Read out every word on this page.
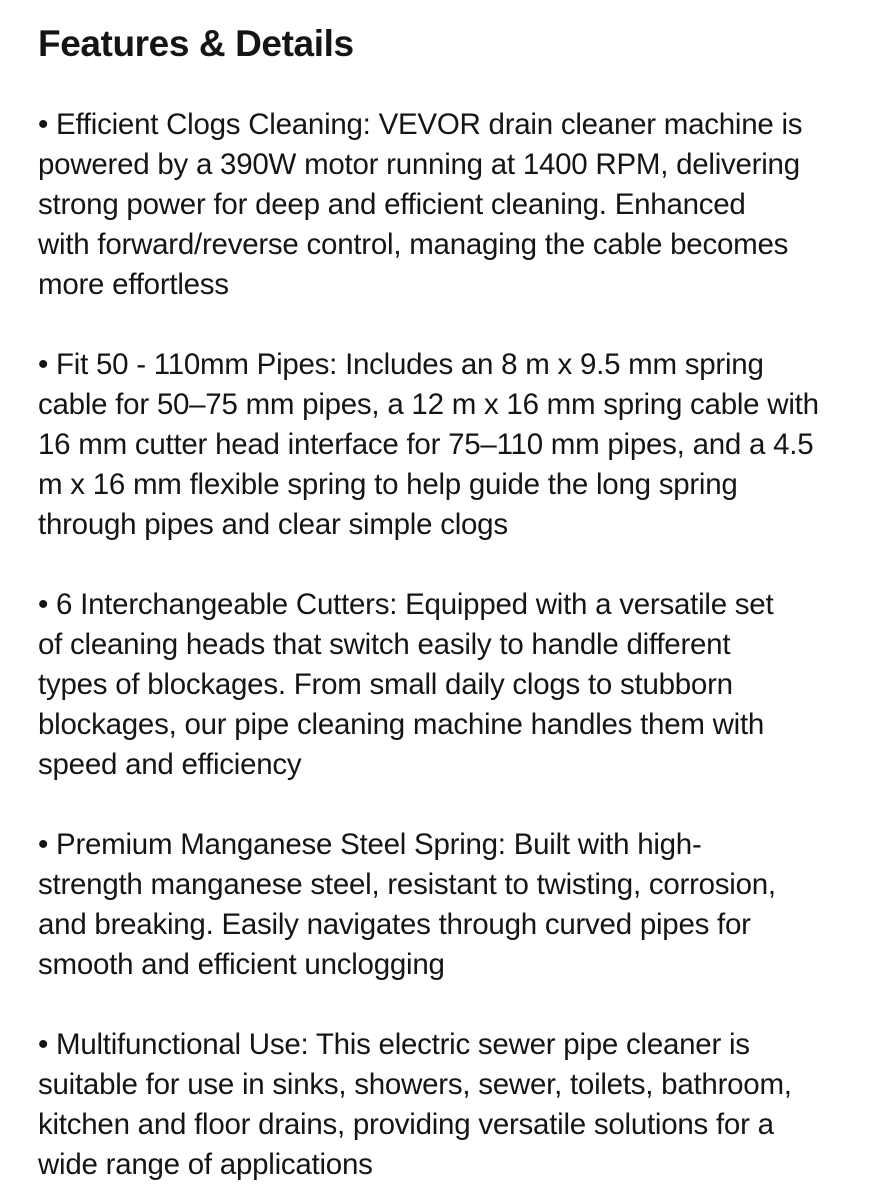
Features & Details
• Efficient Clogs Cleaning: VEVOR drain cleaner machine is
powered by a 390W motor running at 1400 RPM, delivering
strong power for deep and efficient cleaning. Enhanced
with forward/reverse control, managing the cable becomes
more effortless
• Fit 50 - 110mm Pipes: Includes an 8 m x 9.5 mm spring
cable for 50–75 mm pipes, a 12 m x 16 mm spring cable with
16 mm cutter head interface for 75–110 mm pipes, and a 4.5
m x 16 mm flexible spring to help guide the long spring
through pipes and clear simple clogs
• 6 Interchangeable Cutters: Equipped with a versatile set
of cleaning heads that switch easily to handle different
types of blockages. From small daily clogs to stubborn
blockages, our pipe cleaning machine handles them with
speed and efficiency
• Premium Manganese Steel Spring: Built with high-
strength manganese steel, resistant to twisting, corrosion,
and breaking. Easily navigates through curved pipes for
smooth and efficient unclogging
• Multifunctional Use: This electric sewer pipe cleaner is
suitable for use in sinks, showers, sewer, toilets, bathroom,
kitchen and floor drains, providing versatile solutions for a
wide range of applications
